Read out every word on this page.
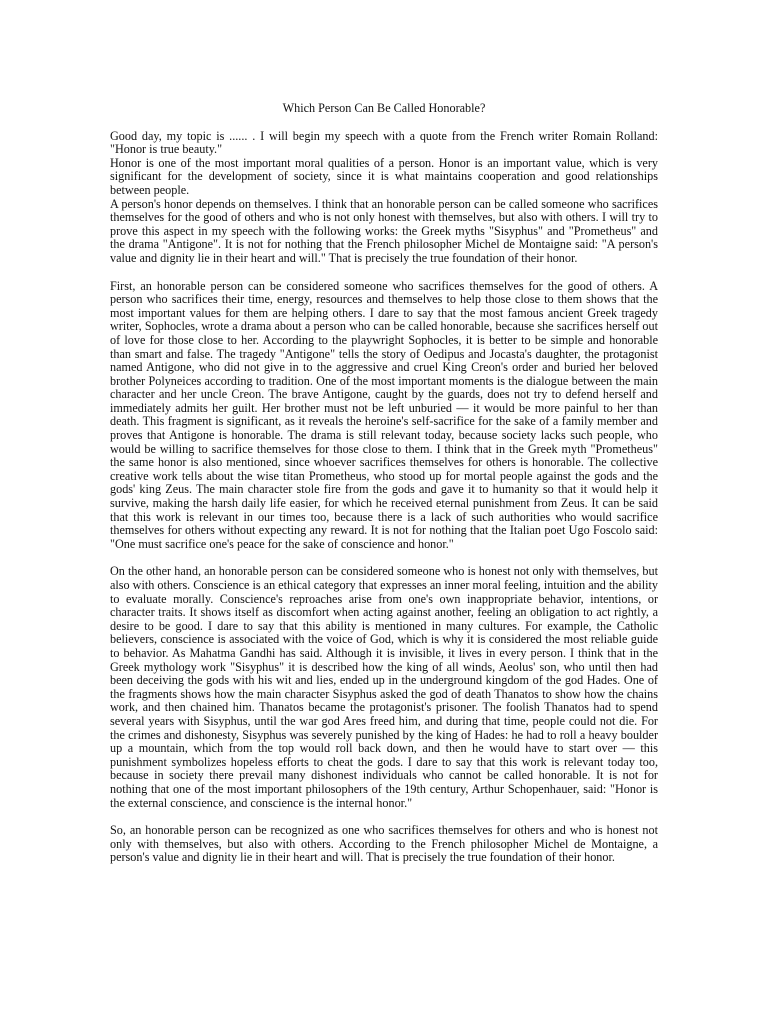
Which Person Can Be Called Honorable?

Good day, my topic is ...... . I will begin my speech with a quote from the French writer Romain Rolland: "Honor is true beauty."

Honor is one of the most important moral qualities of a person. Honor is an important value, which is very significant for the development of society, since it is what maintains cooperation and good relationships between people.

A person's honor depends on themselves. I think that an honorable person can be called someone who sacrifices themselves for the good of others and who is not only honest with themselves, but also with others. I will try to prove this aspect in my speech with the following works: the Greek myths "Sisyphus" and "Prometheus" and the drama "Antigone". It is not for nothing that the French philosopher Michel de Montaigne said: "A person's value and dignity lie in their heart and will." That is precisely the true foundation of their honor.

First, an honorable person can be considered someone who sacrifices themselves for the good of others. A person who sacrifices their time, energy, resources and themselves to help those close to them shows that the most important values for them are helping others. I dare to say that the most famous ancient Greek tragedy writer, Sophocles, wrote a drama about a person who can be called honorable, because she sacrifices herself out of love for those close to her. According to the playwright Sophocles, it is better to be simple and honorable than smart and false. The tragedy "Antigone" tells the story of Oedipus and Jocasta's daughter, the protagonist named Antigone, who did not give in to the aggressive and cruel King Creon's order and buried her beloved brother Polyneices according to tradition. One of the most important moments is the dialogue between the main character and her uncle Creon. The brave Antigone, caught by the guards, does not try to defend herself and immediately admits her guilt. Her brother must not be left unburied — it would be more painful to her than death. This fragment is significant, as it reveals the heroine's self-sacrifice for the sake of a family member and proves that Antigone is honorable. The drama is still relevant today, because society lacks such people, who would be willing to sacrifice themselves for those close to them. I think that in the Greek myth "Prometheus" the same honor is also mentioned, since whoever sacrifices themselves for others is honorable. The collective creative work tells about the wise titan Prometheus, who stood up for mortal people against the gods and the gods' king Zeus. The main character stole fire from the gods and gave it to humanity so that it would help it survive, making the harsh daily life easier, for which he received eternal punishment from Zeus. It can be said that this work is relevant in our times too, because there is a lack of such authorities who would sacrifice themselves for others without expecting any reward. It is not for nothing that the Italian poet Ugo Foscolo said: "One must sacrifice one's peace for the sake of conscience and honor."

On the other hand, an honorable person can be considered someone who is honest not only with themselves, but also with others. Conscience is an ethical category that expresses an inner moral feeling, intuition and the ability to evaluate morally. Conscience's reproaches arise from one's own inappropriate behavior, intentions, or character traits. It shows itself as discomfort when acting against another, feeling an obligation to act rightly, a desire to be good. I dare to say that this ability is mentioned in many cultures. For example, the Catholic believers, conscience is associated with the voice of God, which is why it is considered the most reliable guide to behavior. As Mahatma Gandhi has said. Although it is invisible, it lives in every person. I think that in the Greek mythology work "Sisyphus" it is described how the king of all winds, Aeolus' son, who until then had been deceiving the gods with his wit and lies, ended up in the underground kingdom of the god Hades. One of the fragments shows how the main character Sisyphus asked the god of death Thanatos to show how the chains work, and then chained him. Thanatos became the protagonist's prisoner. The foolish Thanatos had to spend several years with Sisyphus, until the war god Ares freed him, and during that time, people could not die. For the crimes and dishonesty, Sisyphus was severely punished by the king of Hades: he had to roll a heavy boulder up a mountain, which from the top would roll back down, and then he would have to start over — this punishment symbolizes hopeless efforts to cheat the gods. I dare to say that this work is relevant today too, because in society there prevail many dishonest individuals who cannot be called honorable. It is not for nothing that one of the most important philosophers of the 19th century, Arthur Schopenhauer, said: "Honor is the external conscience, and conscience is the internal honor."

So, an honorable person can be recognized as one who sacrifices themselves for others and who is honest not only with themselves, but also with others. According to the French philosopher Michel de Montaigne, a person's value and dignity lie in their heart and will. That is precisely the true foundation of their honor.
